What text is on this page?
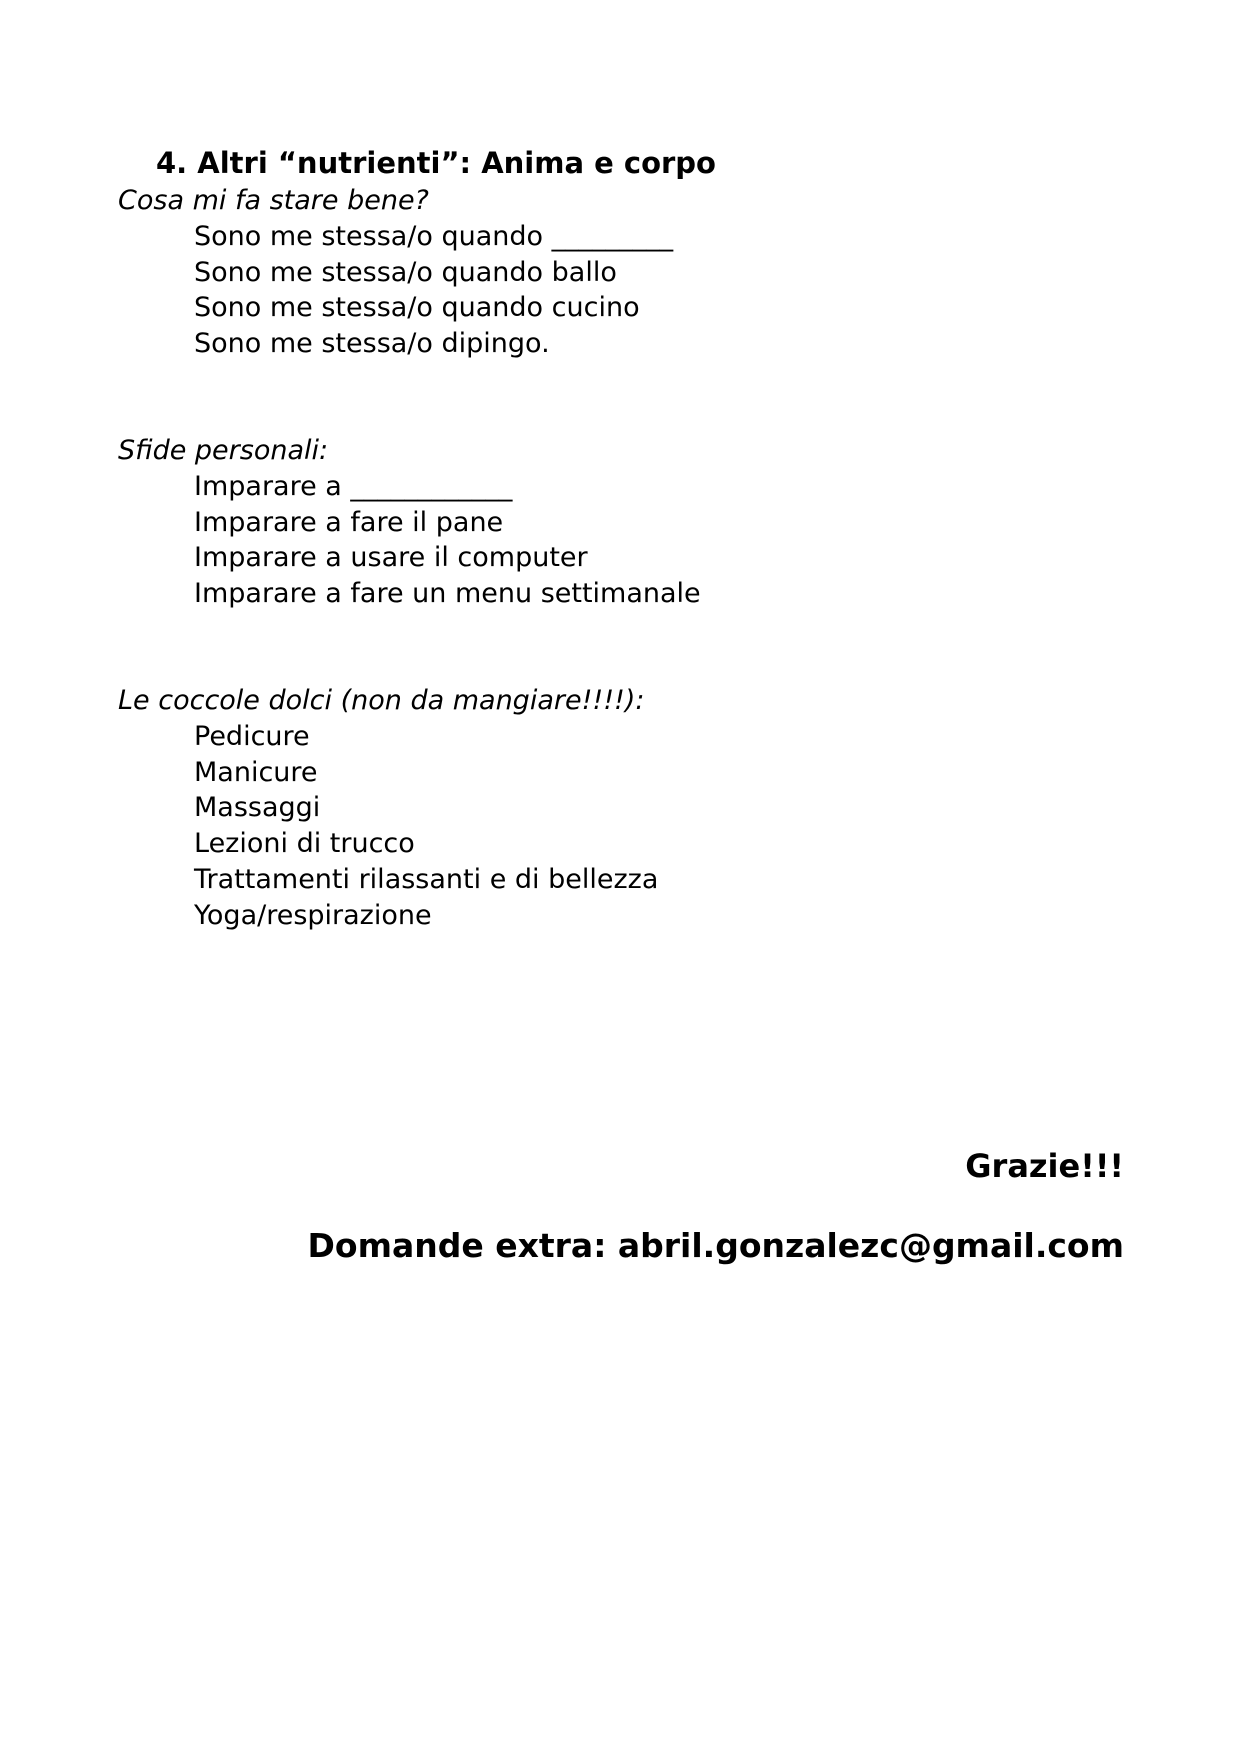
4. Altri “nutrienti”: Anima e corpo
Cosa mi fa stare bene?
Sono me stessa/o quando _________
Sono me stessa/o quando ballo
Sono me stessa/o quando cucino
Sono me stessa/o dipingo.
Sfide personali:
Imparare a ____________
Imparare a fare il pane
Imparare a usare il computer
Imparare a fare un menu settimanale
Le coccole dolci (non da mangiare!!!!):
Pedicure
Manicure
Massaggi
Lezioni di trucco
Trattamenti rilassanti e di bellezza
Yoga/respirazione
Grazie!!!
Domande extra: abril.gonzalezc@gmail.com
